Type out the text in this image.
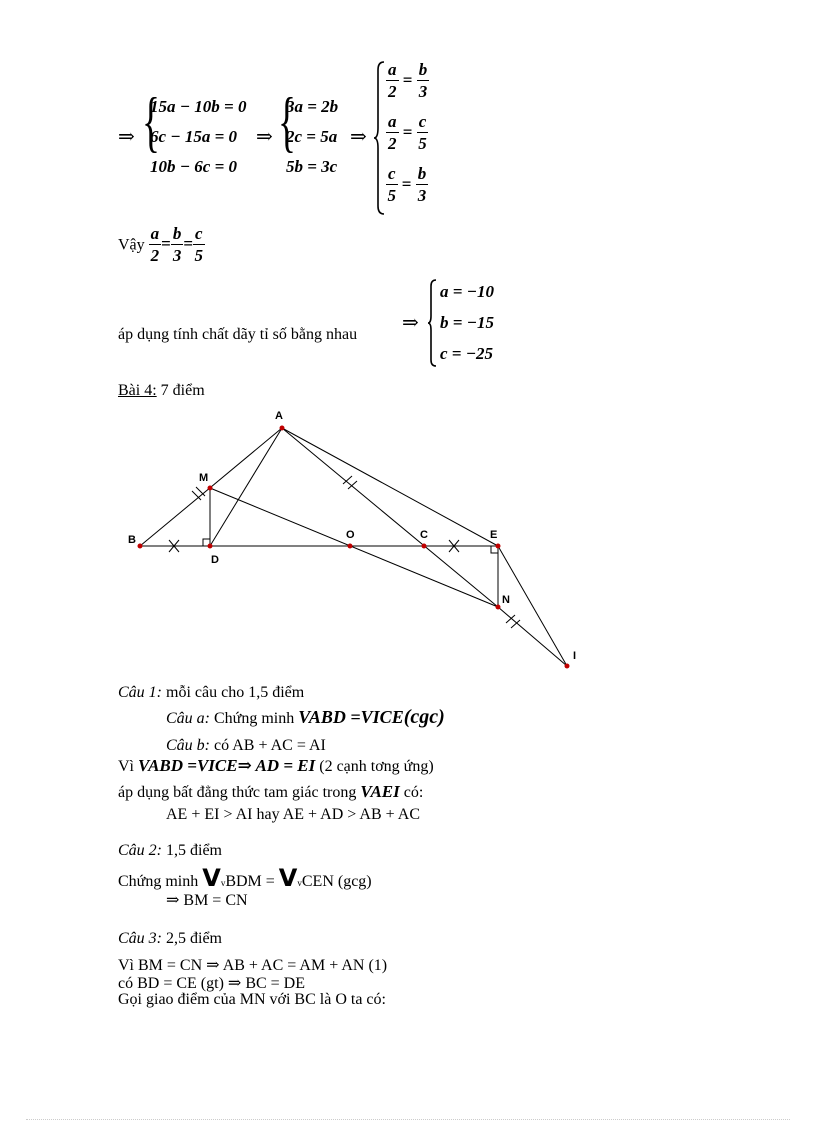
⇒ {
15a − 10b = 0
6c − 15a = 0
10b − 6c = 0
⇒ {
3a = 2b
2c = 5a
5b = 3c
⇒
$\frac{a}{2} = \frac{b}{3}$
$\frac{a}{2} = \frac{c}{5}$
$\frac{c}{5} = \frac{b}{3}$
Vậy $\frac{a}{2} = \frac{b}{3} = \frac{c}{5}$
áp dụng tính chất dãy tỉ số bằng nhau
⇒
a = −10
b = −15
c = −25
Bài 4: 7 điểm
A
M
B
D
O	C	E
N
I
Câu 1: mỗi câu cho 1,5 điểm
Câu a: Chứng minh VABD =VICE(cgc)
Câu b: có AB + AC = AI
Vì VABD =VICE⇒ AD = EI (2 cạnh tơng ứng)
áp dụng bất đẳng thức tam giác trong VAEI có:
AE + EI > AI hay AE + AD > AB + AC
Câu 2: 1,5 điểm
Chứng minh VvBDM = VvCEN (gcg)
⇒ BM = CN
Câu 3: 2,5 điểm
Vì BM = CN ⇒ AB + AC = AM + AN (1)
có BD = CE (gt) ⇒ BC = DE
Gọi giao điểm của MN với BC là O ta có:
